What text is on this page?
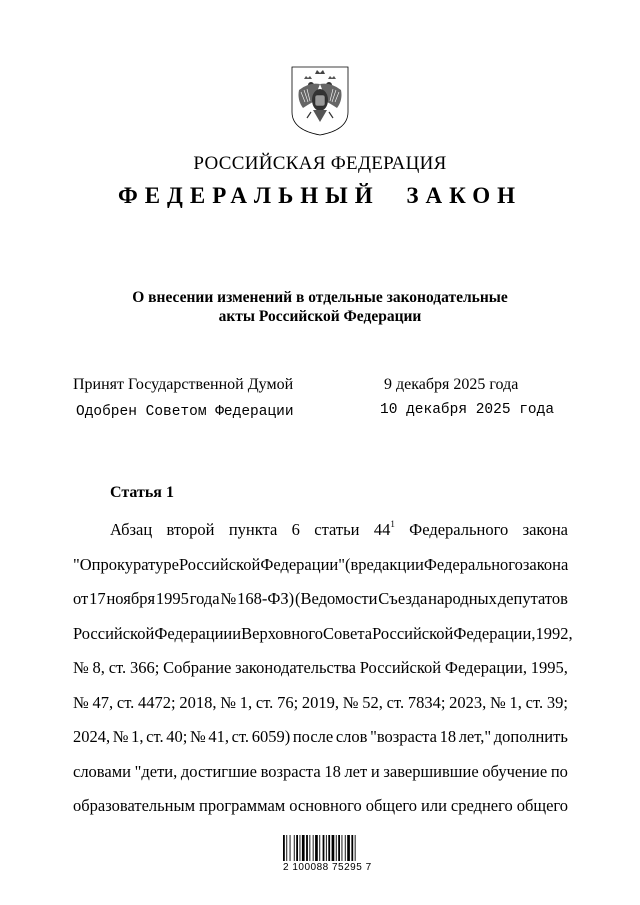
РОССИЙСКАЯ ФЕДЕРАЦИЯ
ФЕДЕРАЛЬНЫЙ ЗАКОН
О внесении изменений в отдельные законодательные
акты Российской Федерации
Принят Государственной Думой	9 декабря 2025 года
Одобрен Советом Федерации	10 декабря 2025 года
Статья 1
Абзац второй пункта 6 статьи $44^1$ Федерального закона
"О прокуратуре Российской Федерации" (в редакции Федерального закона
от 17 ноября 1995 года № 168-ФЗ) (Ведомости Съезда народных депутатов
Российской Федерации и Верховного Совета Российской Федерации, 1992,
№ 8, ст. 366; Собрание законодательства Российской Федерации, 1995,
№ 47, ст. 4472; 2018, № 1, ст. 76; 2019, № 52, ст. 7834; 2023, № 1, ст. 39;
2024, № 1, ст. 40; № 41, ст. 6059) после слов "возраста 18 лет," дополнить
словами "дети, достигшие возраста 18 лет и завершившие обучение по
образовательным программам основного общего или среднего общего
2 100088 75295 7
